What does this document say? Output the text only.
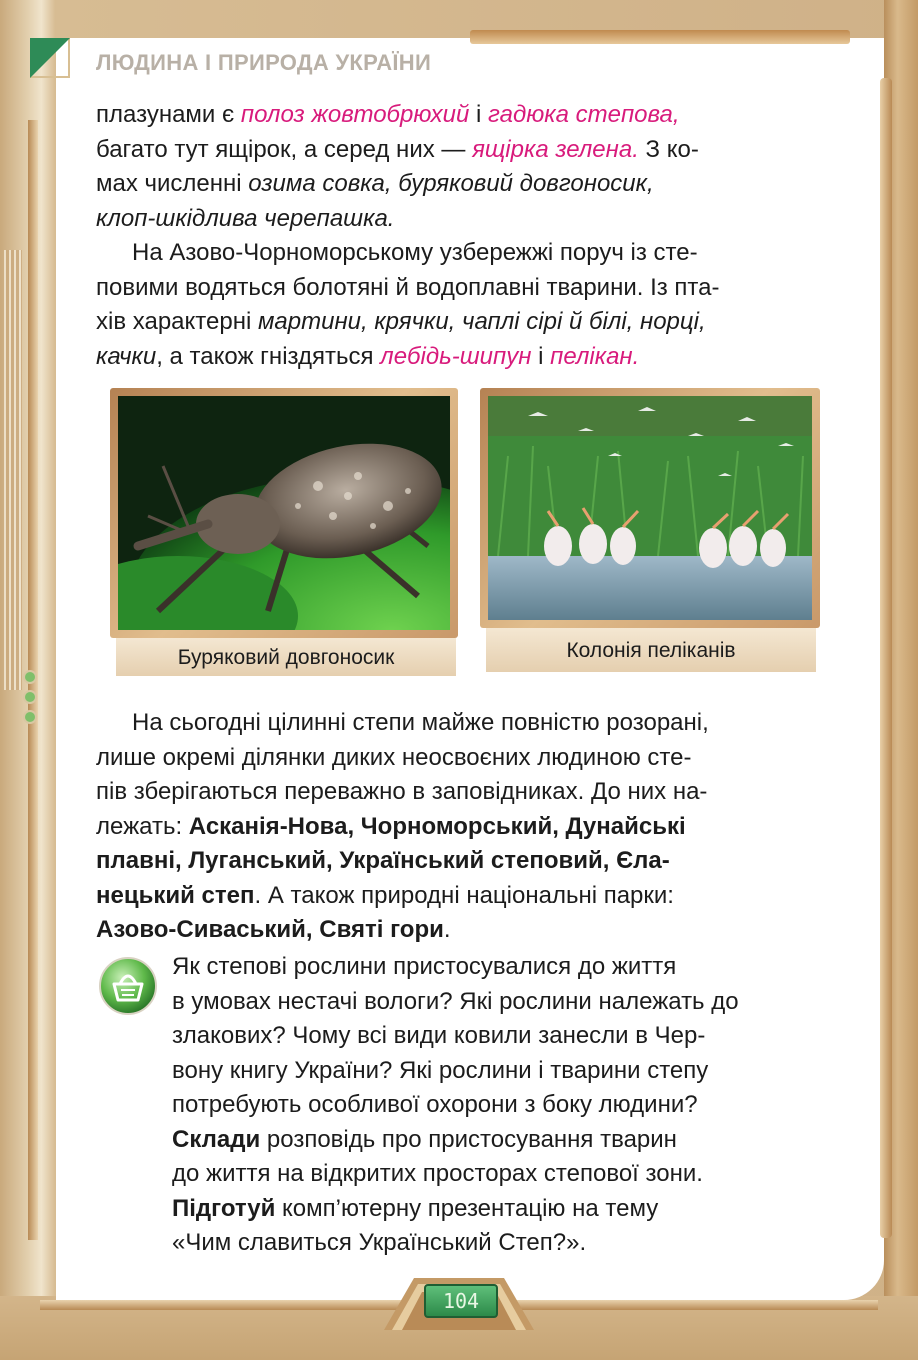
ЛЮДИНА І ПРИРОДА УКРАЇНИ

плазунами є полоз жовтобрюхий і гадюка степова,

багато тут ящірок, а серед них — ящірка зелена. З ко-

мах численні озима совка, буряковий довгоносик,

клоп-шкідлива черепашка.

На Азово-Чорноморському узбережжі поруч із сте-

повими водяться болотяні й водоплавні тварини. Із пта-

хів характерні мартини, крячки, чаплі сірі й білі, норці,

качки, а також гніздяться лебідь-шипун і пелікан.

Буряковий довгоносик	Колонія пеліканів

На сьогодні цілинні степи майже повністю розорані,

лише окремі ділянки диких неосвоєних людиною сте-

пів зберігаються переважно в заповідниках. До них на-

лежать: Асканія-Нова, Чорноморський, Дунайські

плавні, Луганський, Український степовий, Єла-

нецький степ. А також природні національні парки:

Азово-Сиваський, Святі гори.

Як степові рослини пристосувалися до життя

в умовах нестачі вологи? Які рослини належать до

злакових? Чому всі види ковили занесли в Чер-

вону книгу України? Які рослини і тварини степу

потребують особливої охорони з боку людини?

Склади розповідь про пристосування тварин

до життя на відкритих просторах степової зони.

Підготуй комп’ютерну презентацію на тему

«Чим славиться Український Степ?».

104
